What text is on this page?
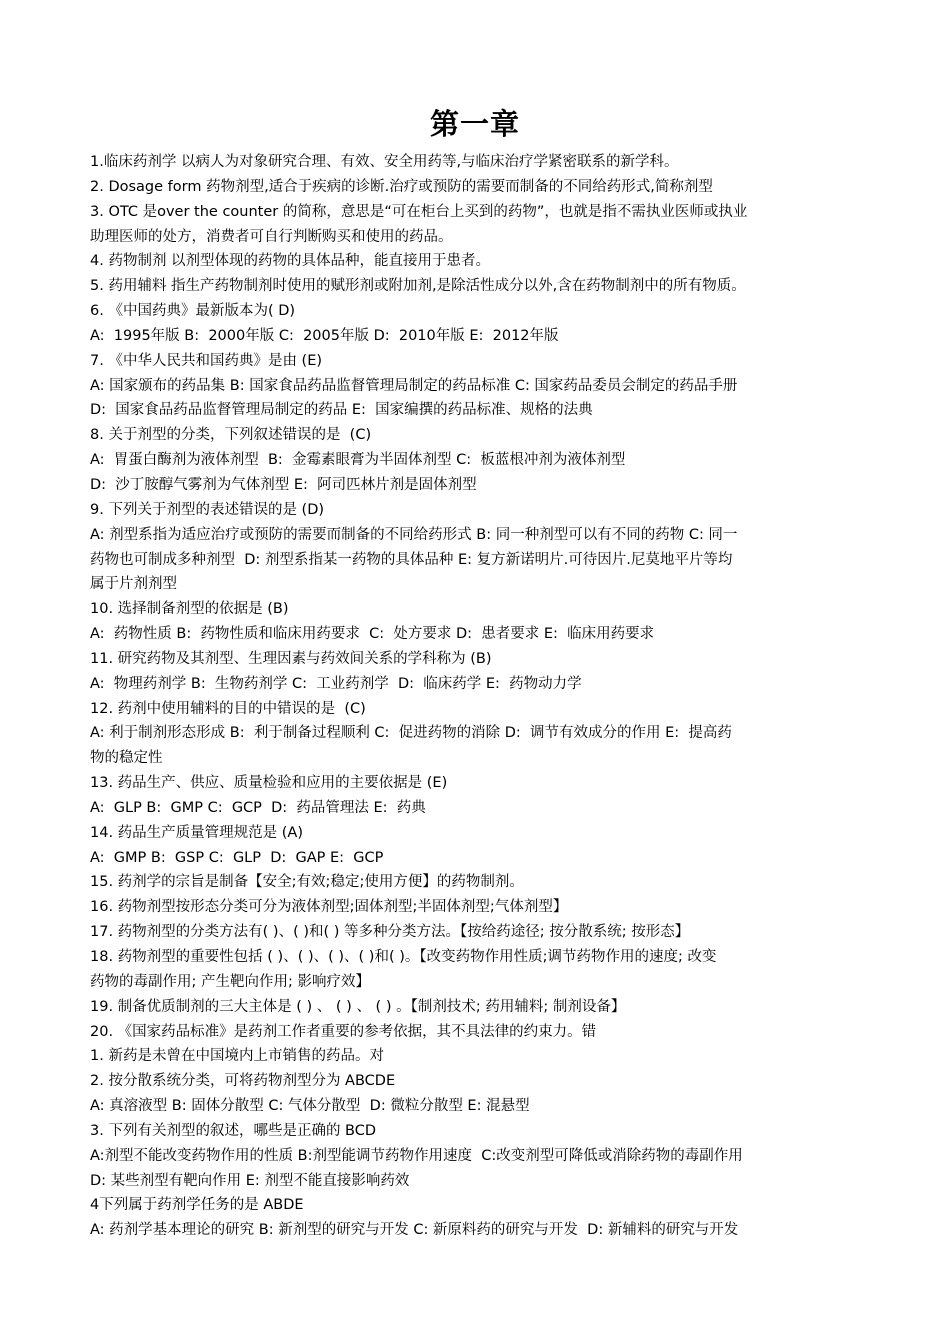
第一章
1.临床药剂学 以病人为对象研究合理、有效、安全用药等,与临床治疗学紧密联系的新学科。
2. Dosage form 药物剂型,适合于疾病的诊断.治疗或预防的需要而制备的不同给药形式,简称剂型
3. OTC 是over the counter 的简称，意思是“可在柜台上买到的药物”，也就是指不需执业医师或执业
助理医师的处方，消费者可自行判断购买和使用的药品。
4. 药物制剂 以剂型体现的药物的具体品种，能直接用于患者。
5. 药用辅料 指生产药物制剂时使用的赋形剂或附加剂,是除活性成分以外,含在药物制剂中的所有物质。
6. 《中国药典》最新版本为( D)
A:  1995年版 B:  2000年版 C:  2005年版 D:  2010年版 E:  2012年版
7. 《中华人民共和国药典》是由 (E)
A: 国家颁布的药品集 B: 国家食品药品监督管理局制定的药品标准 C: 国家药品委员会制定的药品手册
D:  国家食品药品监督管理局制定的药品 E:  国家编撰的药品标准、规格的法典
8. 关于剂型的分类，下列叙述错误的是  (C)
A:  胃蛋白酶剂为液体剂型  B:  金霉素眼膏为半固体剂型 C:  板蓝根冲剂为液体剂型
D:  沙丁胺醇气雾剂为气体剂型 E:  阿司匹林片剂是固体剂型
9. 下列关于剂型的表述错误的是 (D)
A: 剂型系指为适应治疗或预防的需要而制备的不同给药形式 B: 同一种剂型可以有不同的药物 C: 同一
药物也可制成多种剂型  D: 剂型系指某一药物的具体品种 E: 复方新诺明片.可待因片.尼莫地平片等均
属于片剂剂型
10. 选择制备剂型的依据是 (B)
A:  药物性质 B:  药物性质和临床用药要求  C:  处方要求 D:  患者要求 E:  临床用药要求
11. 研究药物及其剂型、生理因素与药效间关系的学科称为 (B)
A:  物理药剂学 B:  生物药剂学 C:  工业药剂学  D:  临床药学 E:  药物动力学
12. 药剂中使用辅料的目的中错误的是  (C)
A: 利于制剂形态形成 B:  利于制备过程顺利 C:  促进药物的消除 D:  调节有效成分的作用 E:  提高药
物的稳定性
13. 药品生产、供应、质量检验和应用的主要依据是 (E)
A:  GLP B:  GMP C:  GCP  D:  药品管理法 E:  药典
14. 药品生产质量管理规范是 (A)
A:  GMP B:  GSP C:  GLP  D:  GAP E:  GCP
15. 药剂学的宗旨是制备【安全;有效;稳定;使用方便】的药物制剂。
16. 药物剂型按形态分类可分为液体剂型;固体剂型;半固体剂型;气体剂型】
17. 药物剂型的分类方法有( )、( )和( ) 等多种分类方法。【按给药途径; 按分散系统; 按形态】
18. 药物剂型的重要性包括 ( )、( )、( )、( )和( )。【改变药物作用性质;调节药物作用的速度; 改变
药物的毒副作用; 产生靶向作用; 影响疗效】
19. 制备优质制剂的三大主体是 ( ) 、 ( ) 、 ( ) 。【制剂技术; 药用辅料; 制剂设备】
20. 《国家药品标准》是药剂工作者重要的参考依据，其不具法律的约束力。错
1. 新药是未曾在中国境内上市销售的药品。对
2. 按分散系统分类，可将药物剂型分为 ABCDE
A: 真溶液型 B: 固体分散型 C: 气体分散型  D: 微粒分散型 E: 混悬型
3. 下列有关剂型的叙述，哪些是正确的 BCD
A:剂型不能改变药物作用的性质 B:剂型能调节药物作用速度  C:改变剂型可降低或消除药物的毒副作用
D: 某些剂型有靶向作用 E: 剂型不能直接影响药效
4下列属于药剂学任务的是 ABDE
A: 药剂学基本理论的研究 B: 新剂型的研究与开发 C: 新原料药的研究与开发  D: 新辅料的研究与开发
